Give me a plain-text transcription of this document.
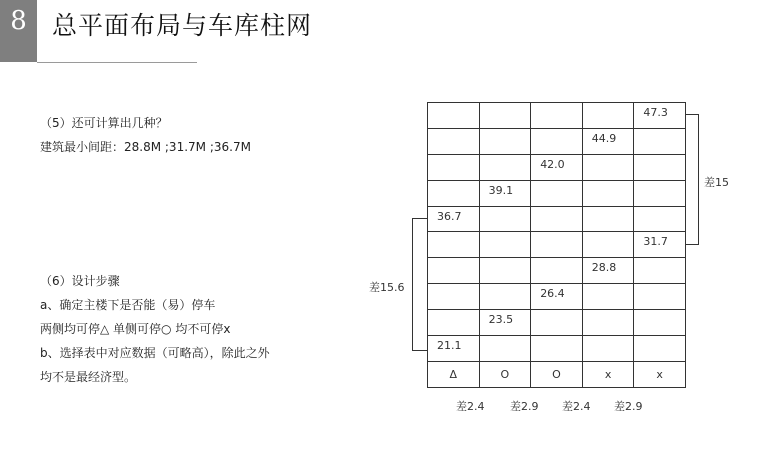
8 总平面布局与车库柱网
（5）还可计算出几种？
建筑最小间距：28.8M ;31.7M ;36.7M
（6）设计步骤
a、确定主楼下是否能（易）停车
两侧均可停△ 单侧可停○ 均不可停x
b、选择表中对应数据（可略高），除此之外
均不是最经济型。
				47.3
			44.9	
		42.0		
	39.1			
36.7				
				31.7
			28.8	
		26.4		
	23.5			
21.1				
Δ	O	O	x	x
差15
差15.6
差2.4 差2.9 差2.4 差2.9
